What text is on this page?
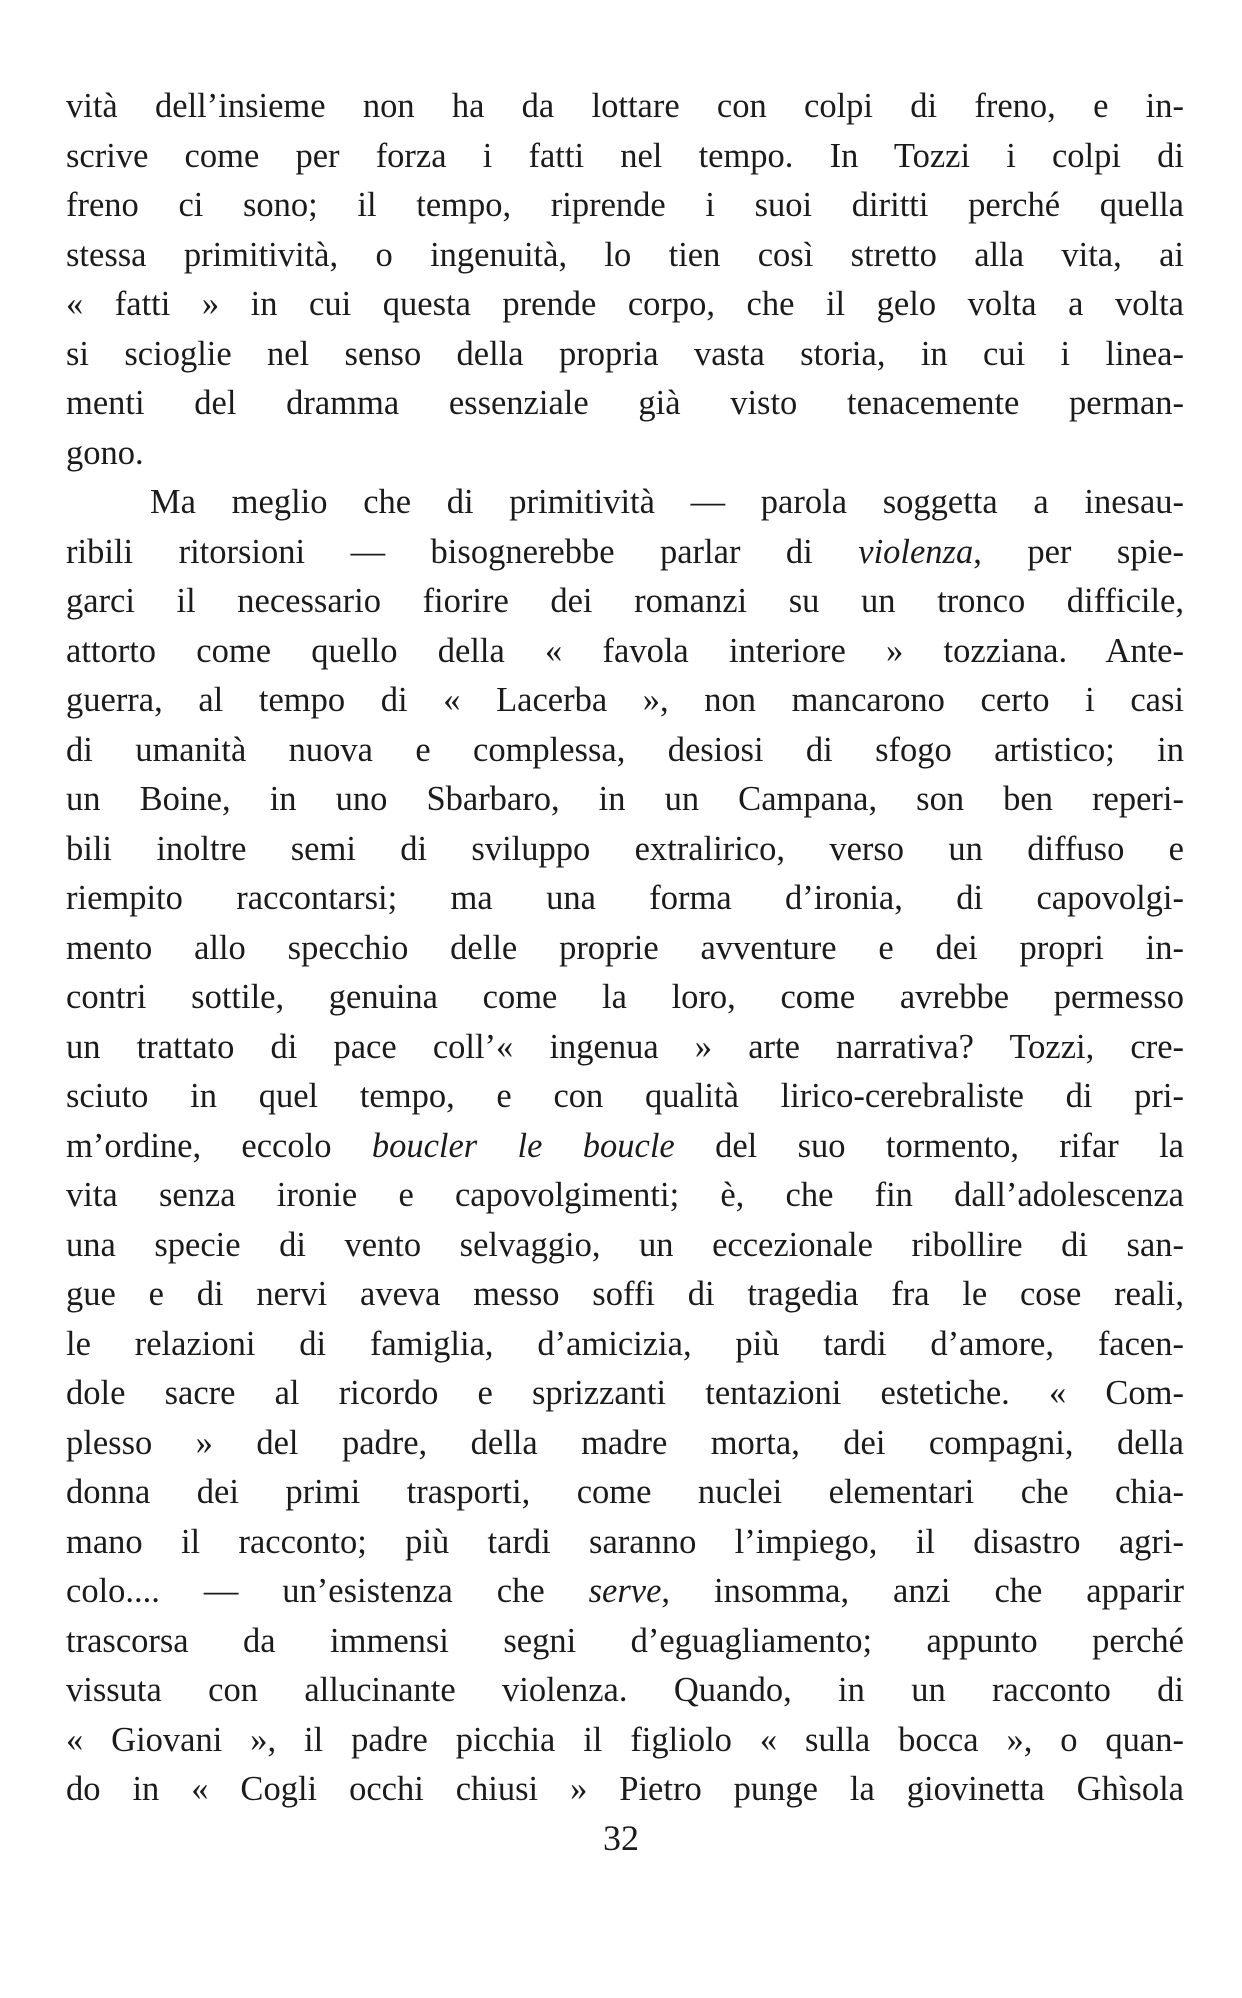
vità dell’insieme non ha da lottare con colpi di freno, e in-
scrive come per forza i fatti nel tempo. In Tozzi i colpi di
freno ci sono; il tempo, riprende i suoi diritti perché quella
stessa primitività, o ingenuità, lo tien così stretto alla vita, ai
« fatti » in cui questa prende corpo, che il gelo volta a volta
si scioglie nel senso della propria vasta storia, in cui i linea-
menti del dramma essenziale già visto tenacemente perman-
gono.
Ma meglio che di primitività — parola soggetta a inesau-
ribili ritorsioni — bisognerebbe parlar di violenza, per spie-
garci il necessario fiorire dei romanzi su un tronco difficile,
attorto come quello della « favola interiore » tozziana. Ante-
guerra, al tempo di « Lacerba », non mancarono certo i casi
di umanità nuova e complessa, desiosi di sfogo artistico; in
un Boine, in uno Sbarbaro, in un Campana, son ben reperi-
bili inoltre semi di sviluppo extralirico, verso un diffuso e
riempito raccontarsi; ma una forma d’ironia, di capovolgi-
mento allo specchio delle proprie avventure e dei propri in-
contri sottile, genuina come la loro, come avrebbe permesso
un trattato di pace coll’« ingenua » arte narrativa? Tozzi, cre-
sciuto in quel tempo, e con qualità lirico-cerebraliste di pri-
m’ordine, eccolo boucler le boucle del suo tormento, rifar la
vita senza ironie e capovolgimenti; è, che fin dall’adolescenza
una specie di vento selvaggio, un eccezionale ribollire di san-
gue e di nervi aveva messo soffi di tragedia fra le cose reali,
le relazioni di famiglia, d’amicizia, più tardi d’amore, facen-
dole sacre al ricordo e sprizzanti tentazioni estetiche. « Com-
plesso » del padre, della madre morta, dei compagni, della
donna dei primi trasporti, come nuclei elementari che chia-
mano il racconto; più tardi saranno l’impiego, il disastro agri-
colo.... — un’esistenza che serve, insomma, anzi che apparir
trascorsa da immensi segni d’eguagliamento; appunto perché
vissuta con allucinante violenza. Quando, in un racconto di
« Giovani », il padre picchia il figliolo « sulla bocca », o quan-
do in « Cogli occhi chiusi » Pietro punge la giovinetta Ghìsola
32
